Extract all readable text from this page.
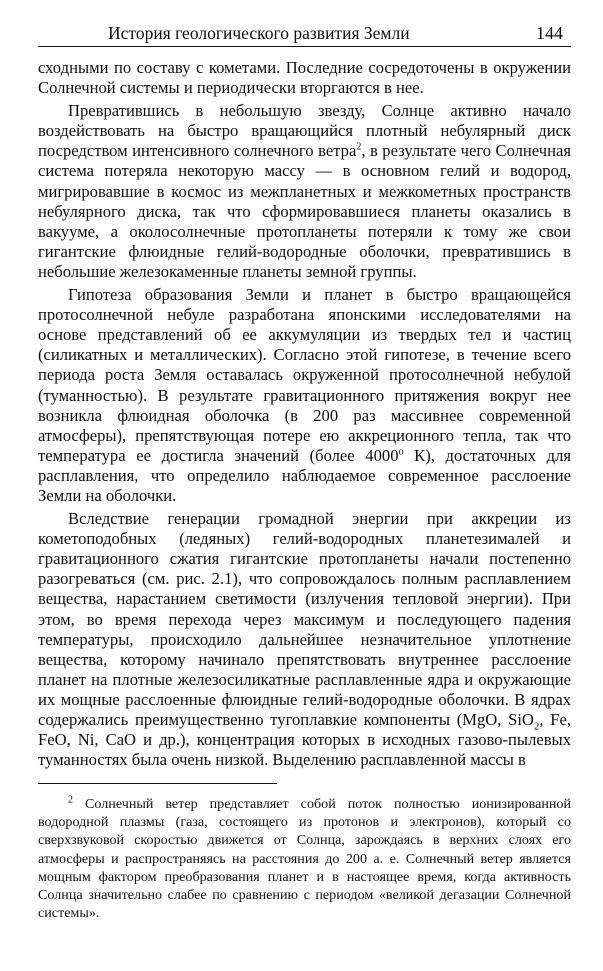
История геологического развития Земли	144

сходными по составу с кометами. Последние сосредоточены в окружении Солнечной системы и периодически вторгаются в нее.

Превратившись в небольшую звезду, Солнце активно начало воздействовать на быстро вращающийся плотный небулярный диск посредством интенсивного солнечного ветра$^2$, в результате чего Солнечная система потеряла некоторую массу — в основном гелий и водород, мигрировавшие в космос из межпланетных и межкометных пространств небулярного диска, так что сформировавшиеся планеты оказались в вакууме, а околосолнечные протопланеты потеряли к тому же свои гигантские флюидные гелий-водородные оболочки, превратившись в небольшие железокаменные планеты земной группы.

Гипотеза образования Земли и планет в быстро вращающейся протосолнечной небуле разработана японскими исследователями на основе представлений об ее аккумуляции из твердых тел и частиц (силикатных и металлических). Согласно этой гипотезе, в течение всего периода роста Земля оставалась окруженной протосолнечной небулой (туманностью). В результате гравитационного притяжения вокруг нее возникла флюидная оболочка (в 200 раз массивнее современной атмосферы), препятствующая потере ею аккреционного тепла, так что температура ее достигла значений (более $4000^о$ К), достаточных для расплавления, что определило наблюдаемое современное расслоение Земли на оболочки.

Вследствие генерации громадной энергии при аккреции из кометоподобных (ледяных) гелий-водородных планетезималей и гравитационного сжатия гигантские протопланеты начали постепенно разогреваться (см. рис. 2.1), что сопровождалось полным расплавлением вещества, нарастанием светимости (излучения тепловой энергии). При этом, во время перехода через максимум и последующего падения температуры, происходило дальнейшее незначительное уплотнение вещества, которому начинало препятствовать внутреннее расслоение планет на плотные железосиликатные расплавленные ядра и окружающие их мощные расслоенные флюидные гелий-водородные оболочки. В ядрах содержались преимущественно тугоплавкие компоненты (MgO, SiO$_2$, Fe, FeO, Ni, CaO и др.), концентрация которых в исходных газово-пылевых туманностях была очень низкой. Выделению расплавленной массы в

$^2$ Солнечный ветер представляет собой поток полностью ионизированной водородной плазмы (газа, состоящего из протонов и электронов), который со сверхзвуковой скоростью движется от Солнца, зарождаясь в верхних слоях его атмосферы и распространяясь на расстояния до 200 а. е. Солнечный ветер является мощным фактором преобразования планет и в настоящее время, когда активность Солнца значительно слабее по сравнению с периодом «великой дегазации Солнечной системы».
